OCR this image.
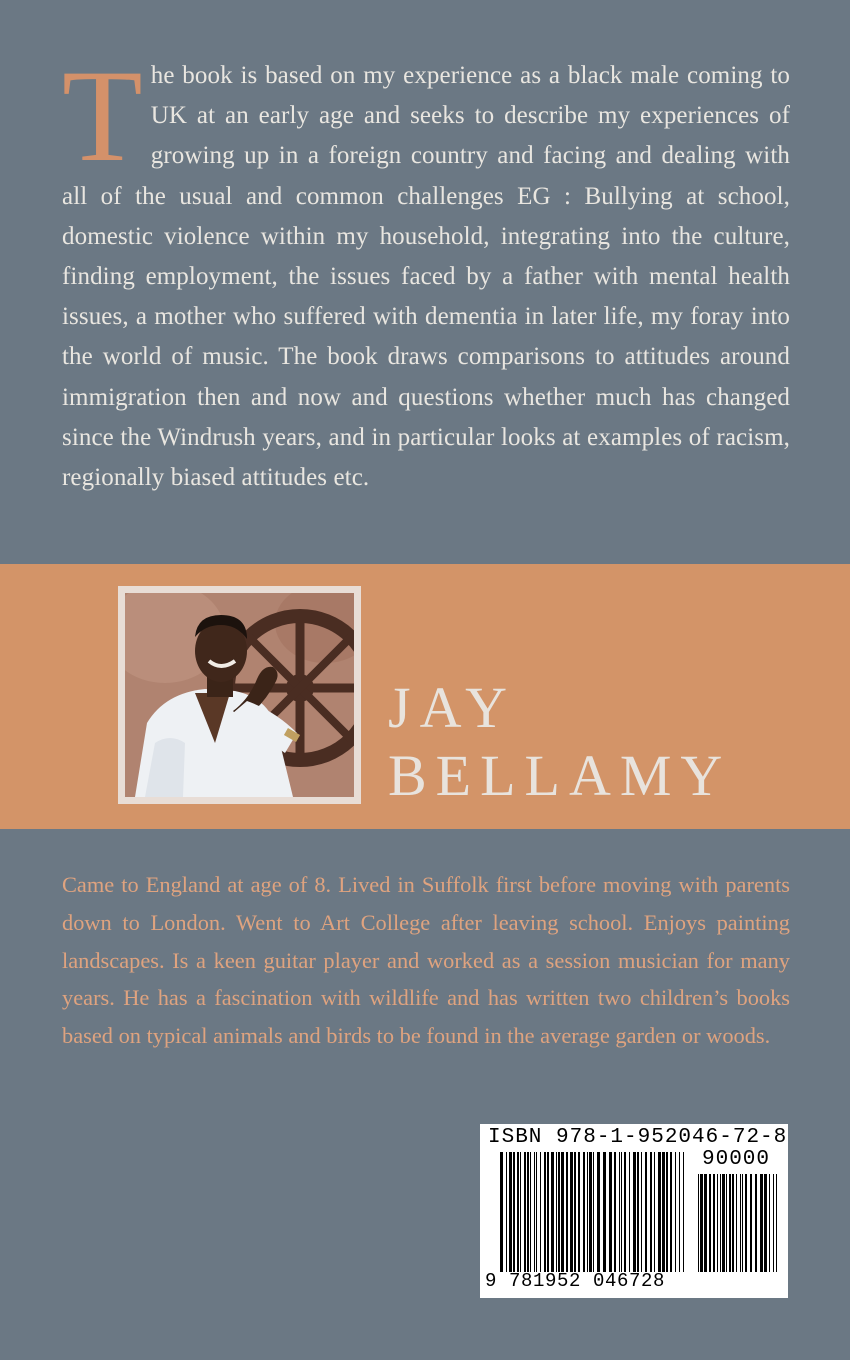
T he book is based on my experience as a black male coming to UK at an early age and seeks to describe my experiences of growing up in a foreign country and facing and dealing with all of the usual and common challenges EG : Bullying at school, domestic violence within my household, integrating into the culture, finding employment, the issues faced by a father with mental health issues, a mother who suffered with dementia in later life, my foray into the world of music. The book draws comparisons to attitudes around immigration then and now and questions whether much has changed since the Windrush years, and in particular looks at examples of racism, regionally biased attitudes etc.
JAY
BELLAMY
Came to England at age of 8. Lived in Suffolk first before moving with parents down to London. Went to Art College after leaving school. Enjoys painting landscapes. Is a keen guitar player and worked as a session musician for many years. He has a fascination with wildlife and has written two children’s books based on typical animals and birds to be found in the average garden or woods.
ISBN 978-1-952046-72-8
90000
9 781952 046728
